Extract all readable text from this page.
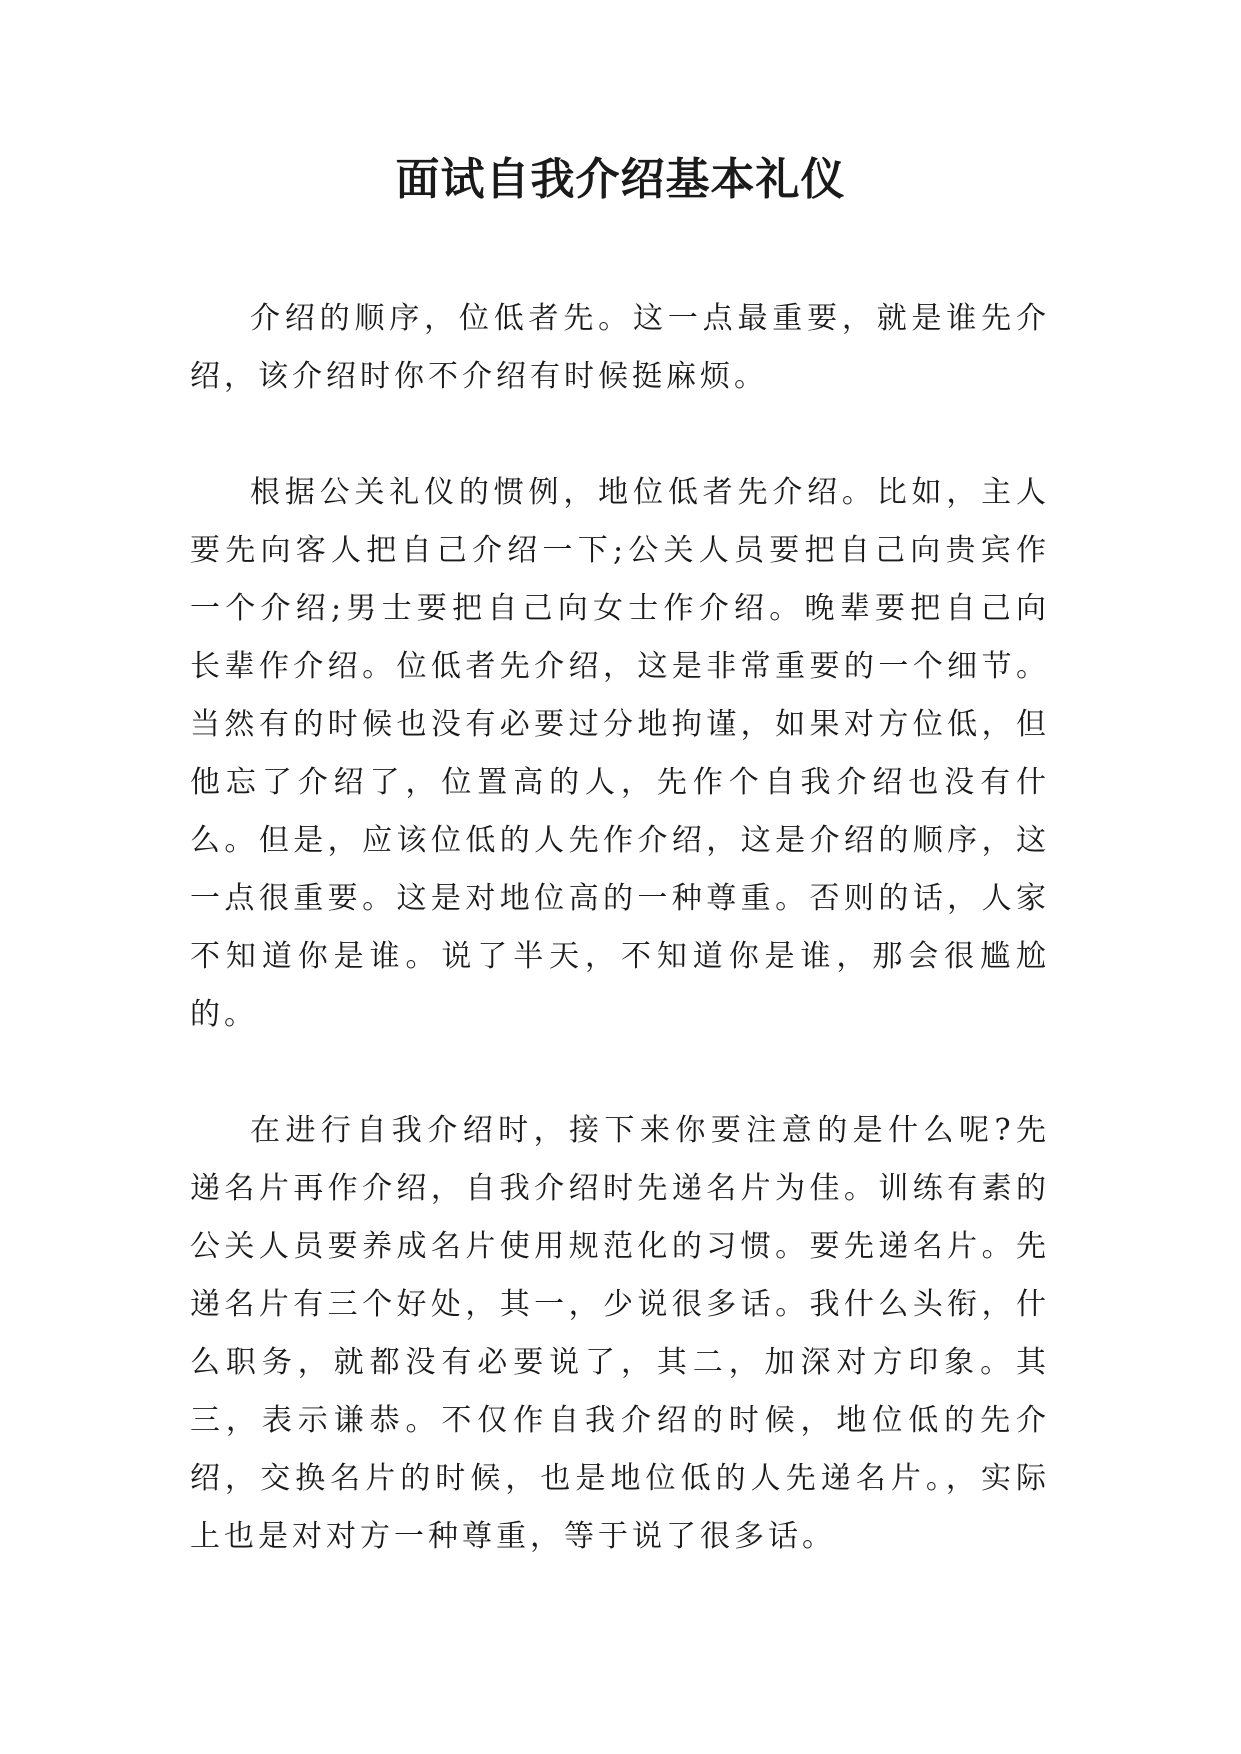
面试自我介绍基本礼仪

介绍的顺序，位低者先。这一点最重要，就是谁先介绍，该介绍时你不介绍有时候挺麻烦。

根据公关礼仪的惯例，地位低者先介绍。比如，主人要先向客人把自己介绍一下;公关人员要把自己向贵宾作一个介绍;男士要把自己向女士作介绍。晚辈要把自己向长辈作介绍。位低者先介绍，这是非常重要的一个细节。当然有的时候也没有必要过分地拘谨，如果对方位低，但他忘了介绍了，位置高的人，先作个自我介绍也没有什么。但是，应该位低的人先作介绍，这是介绍的顺序，这一点很重要。这是对地位高的一种尊重。否则的话，人家不知道你是谁。说了半天，不知道你是谁，那会很尴尬的。

在进行自我介绍时，接下来你要注意的是什么呢?先递名片再作介绍，自我介绍时先递名片为佳。训练有素的公关人员要养成名片使用规范化的习惯。要先递名片。先递名片有三个好处，其一，少说很多话。我什么头衔，什么职务，就都没有必要说了，其二，加深对方印象。其三，表示谦恭。不仅作自我介绍的时候，地位低的先介绍，交换名片的时候，也是地位低的人先递名片。，实际上也是对对方一种尊重，等于说了很多话。
